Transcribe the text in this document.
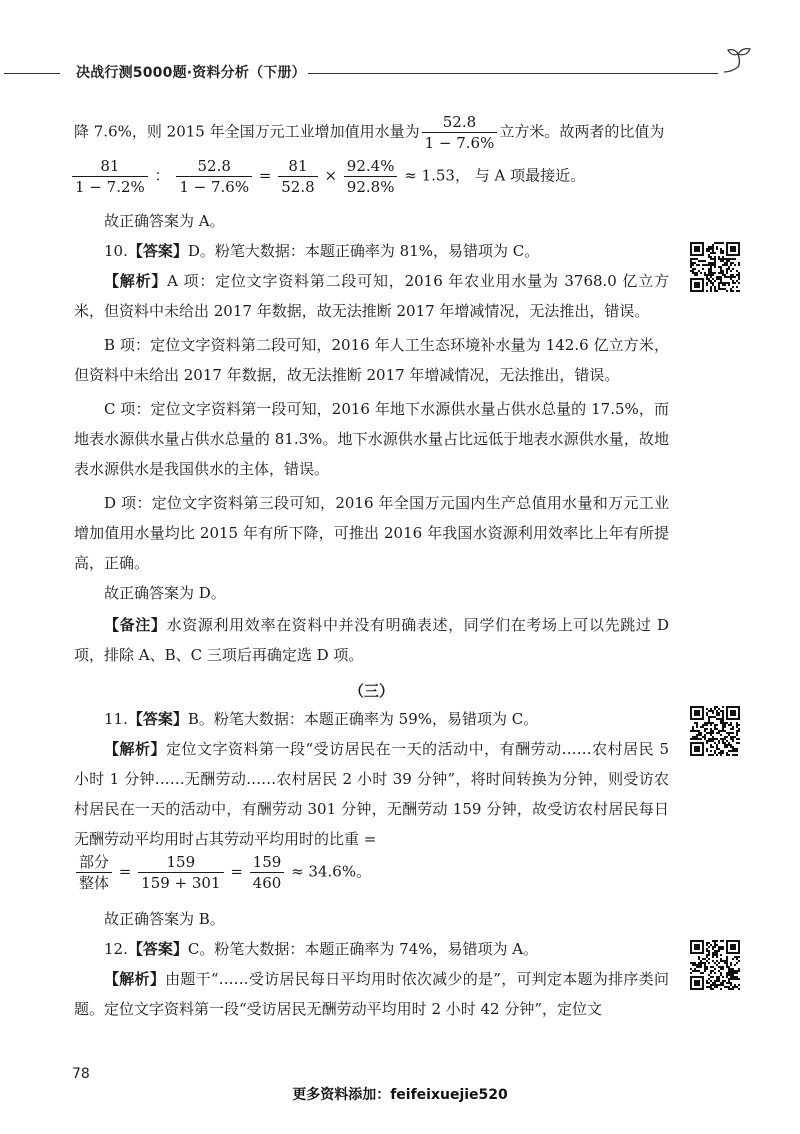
决战行测5000题·资料分析（下册）

降 7.6%，则 2015 年全国万元工业增加值用水量为 $\frac{52.8}{1 - 7.6\%}$ 立方米。故两者的比值为

$\frac{81}{1 - 7.2\%}$ ： $\frac{52.8}{1 - 7.6\%} = \frac{81}{52.8} \times \frac{92.4\%}{92.8\%} \approx 1.53$， 与 A 项最接近。

故正确答案为 A。

10.【答案】D。粉笔大数据：本题正确率为 81%，易错项为 C。

【解析】A 项：定位文字资料第二段可知，2016 年农业用水量为 3768.0 亿立方米，但资料中未给出 2017 年数据，故无法推断 2017 年增减情况，无法推出，错误。

B 项：定位文字资料第二段可知，2016 年人工生态环境补水量为 142.6 亿立方米，但资料中未给出 2017 年数据，故无法推断 2017 年增减情况，无法推出，错误。

C 项：定位文字资料第一段可知，2016 年地下水源供水量占供水总量的 17.5%，而地表水源供水量占供水总量的 81.3%。地下水源供水量占比远低于地表水源供水量，故地表水源供水是我国供水的主体，错误。

D 项：定位文字资料第三段可知，2016 年全国万元国内生产总值用水量和万元工业增加值用水量均比 2015 年有所下降，可推出 2016 年我国水资源利用效率比上年有所提高，正确。

故正确答案为 D。

【备注】水资源利用效率在资料中并没有明确表述，同学们在考场上可以先跳过 D 项，排除 A、B、C 三项后再确定选 D 项。

（三）

11.【答案】B。粉笔大数据：本题正确率为 59%，易错项为 C。

【解析】定位文字资料第一段“受访居民在一天的活动中，有酬劳动……农村居民 5 小时 1 分钟……无酬劳动……农村居民 2 小时 39 分钟”，将时间转换为分钟，则受访农村居民在一天的活动中，有酬劳动 301 分钟，无酬劳动 159 分钟，故受访农村居民每日无酬劳动平均用时占其劳动平均用时的比重 =

$\frac{\text{部分}}{\text{整体}} = \frac{159}{159 + 301} = \frac{159}{460} \approx 34.6\%$。

故正确答案为 B。

12.【答案】C。粉笔大数据：本题正确率为 74%，易错项为 A。

【解析】由题干“……受访居民每日平均用时依次减少的是”，可判定本题为排序类问题。定位文字资料第一段“受访居民无酬劳动平均用时 2 小时 42 分钟”，定位文

78
更多资料添加：feifeixuejie520
